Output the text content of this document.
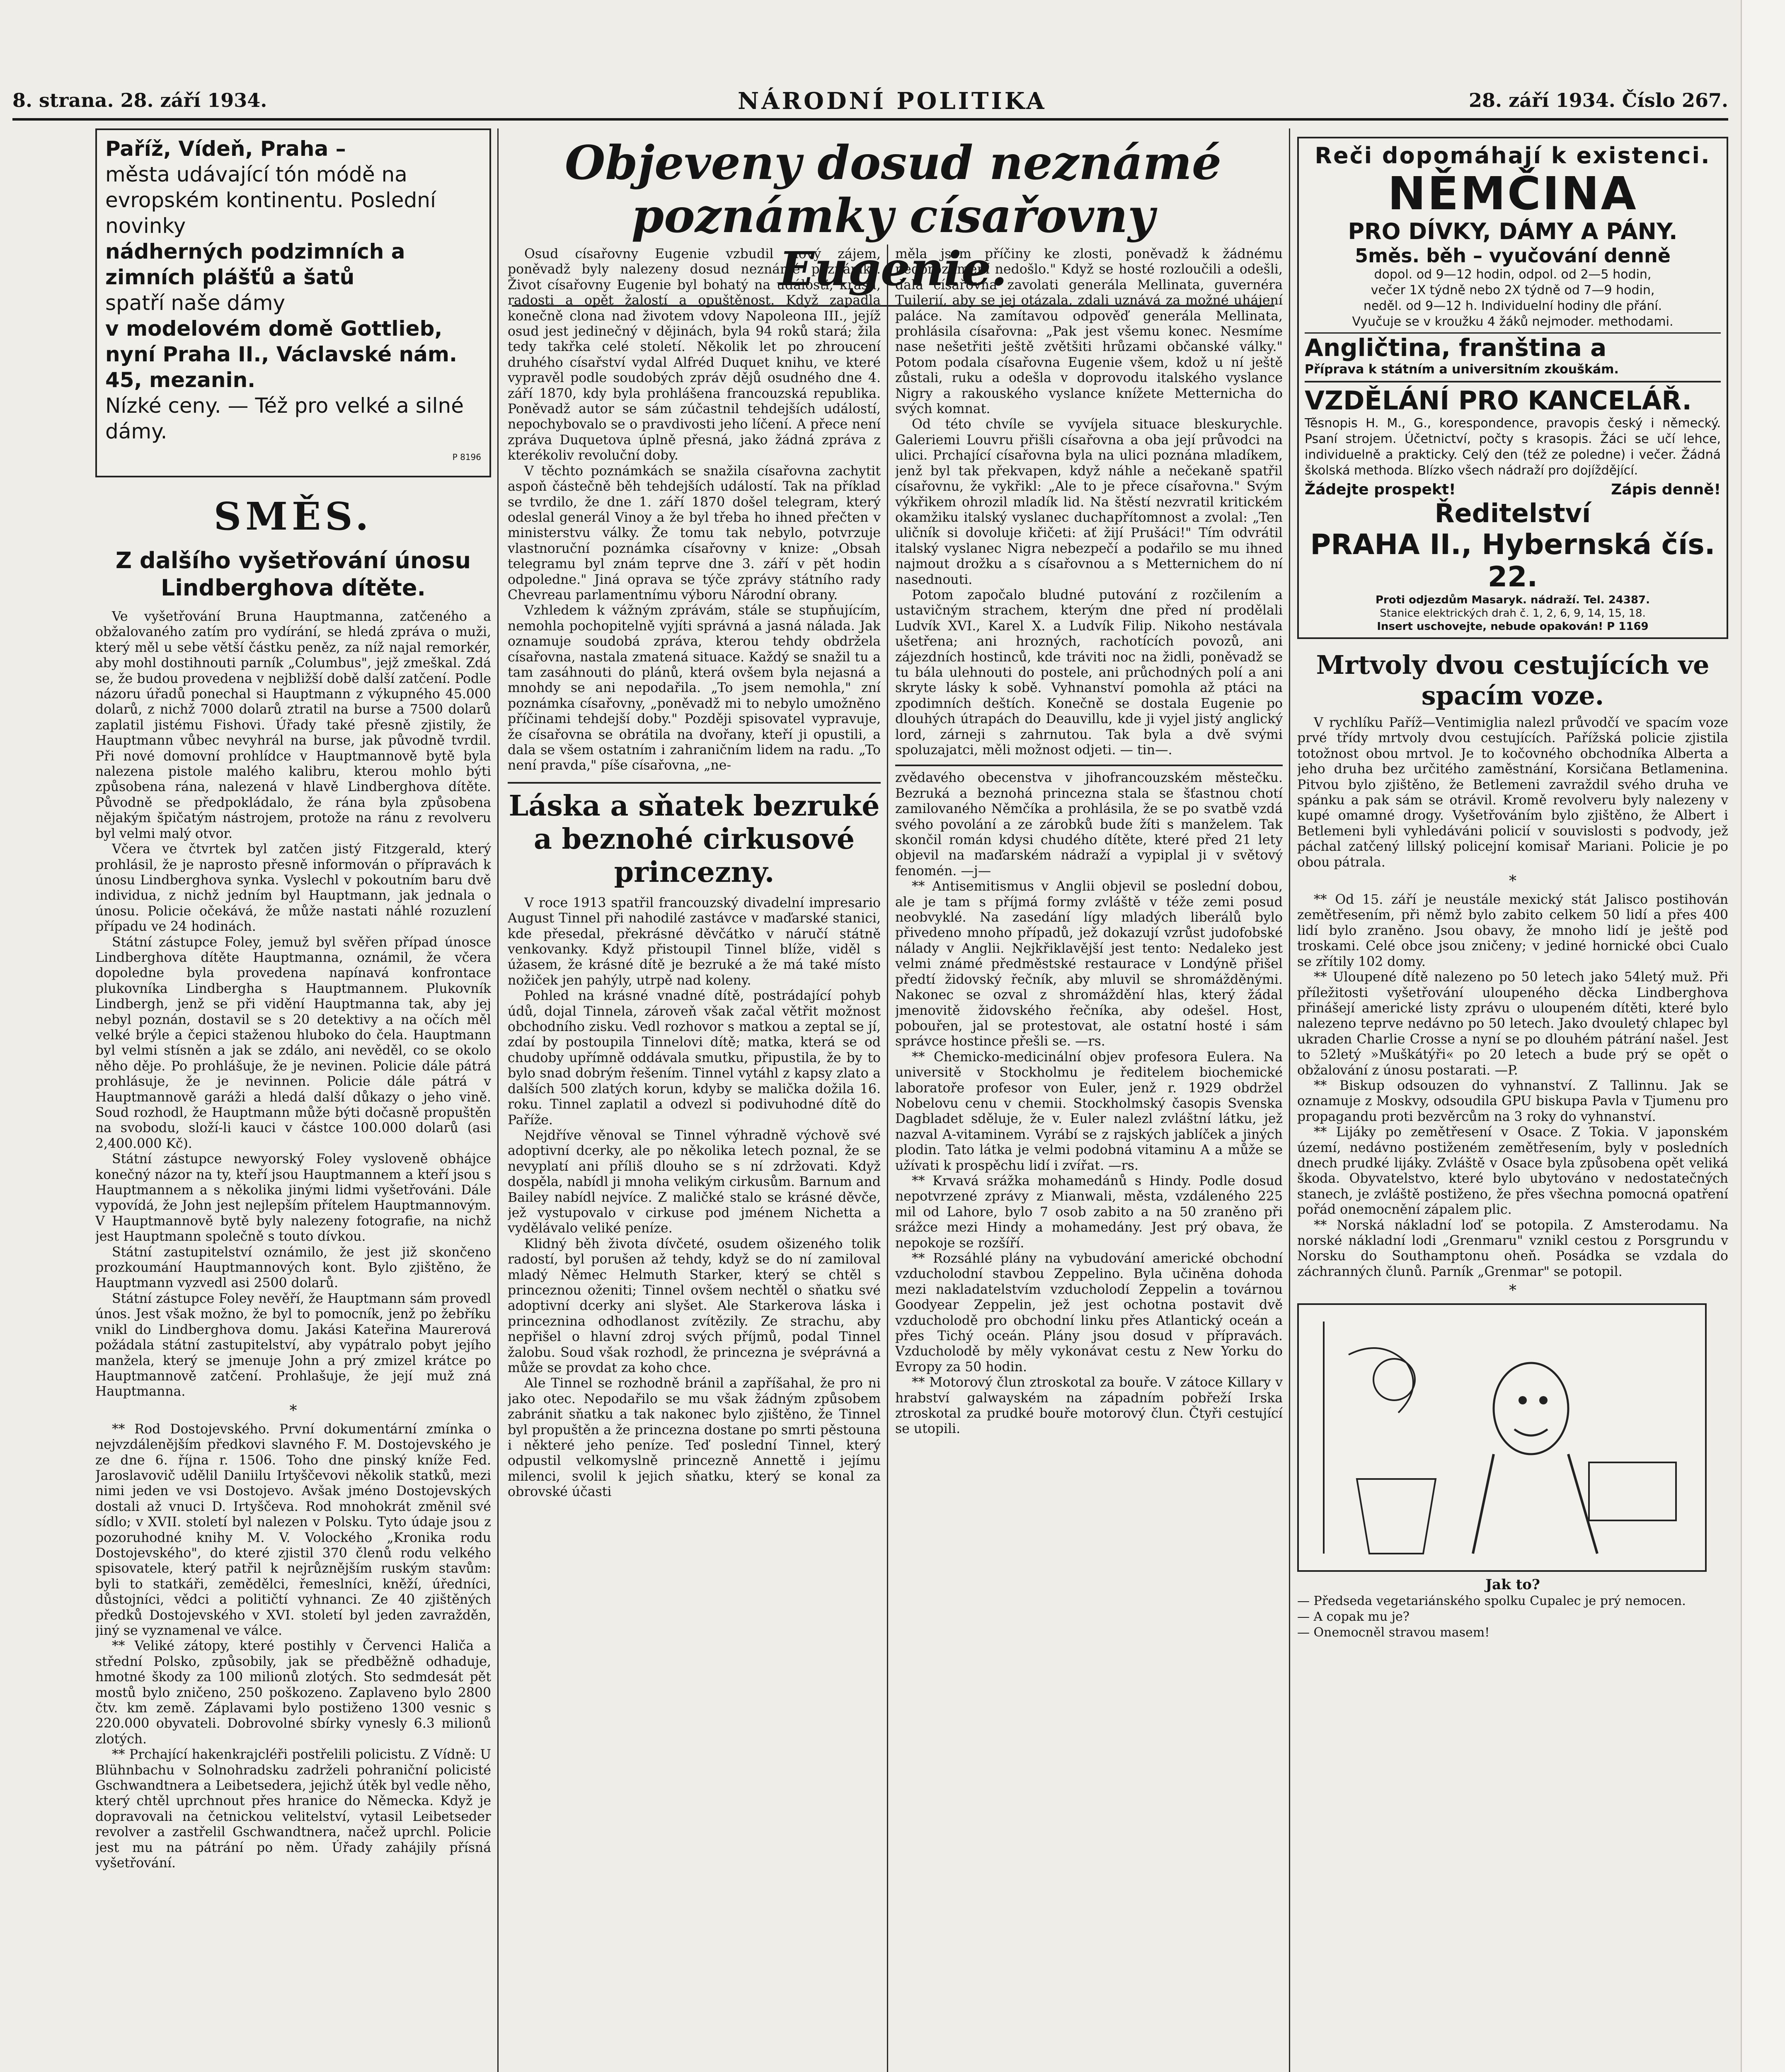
8. strana. 28. září 1934.	NÁRODNÍ POLITIKA	28. září 1934. Číslo 267.
Paříž, Vídeň, Praha –
města udávající tón módě na evropském kontinentu. Poslední novinky
nádherných podzimních a zimních plášťů a šatů
spatří naše dámy
v modelovém domě Gottlieb,
nyní Praha II., Václavské nám. 45, mezanin.
Nízké ceny. — Též pro velké a silné dámy.
P 8196
SMĚS.
Z dalšího vyšetřování únosu Lindberghova dítěte.

Ve vyšetřování Bruna Hauptmanna, zatčeného a obžalovaného zatím pro vydírání, se hledá zpráva o muži, který měl u sebe větší částku peněz, za níž najal remorkér, aby mohl dostihnouti parník „Columbus", jejž zmeškal. Zdá se, že budou provedena v nejbližší době další zatčení. Podle názoru úřadů ponechal si Hauptmann z výkupného 45.000 dolarů, z nichž 7000 dolarů ztratil na burse a 7500 dolarů zaplatil jistému Fishovi. Úřady také přesně zjistily, že Hauptmann vůbec nevyhrál na burse, jak původně tvrdil. Při nové domovní prohlídce v Hauptmannově bytě byla nalezena pistole malého kalibru, kterou mohlo býti způsobena rána, nalezená v hlavě Lindberghova dítěte. Původně se předpokládalo, že rána byla způsobena nějakým špičatým nástrojem, protože na ránu z revolveru byl velmi malý otvor.

Včera ve čtvrtek byl zatčen jistý Fitzgerald, který prohlásil, že je naprosto přesně informován o přípravách k únosu Lindberghova synka. Vyslechl v pokoutním baru dvě individua, z nichž jedním byl Hauptmann, jak jednala o únosu. Policie očekává, že může nastati náhlé rozuzlení případu ve 24 hodinách.

Státní zástupce Foley, jemuž byl svěřen případ únosce Lindberghova dítěte Hauptmanna, oznámil, že včera dopoledne byla provedena napínavá konfrontace plukovníka Lindbergha s Hauptmannem. Plukovník Lindbergh, jenž se při vidění Hauptmanna tak, aby jej nebyl poznán, dostavil se s 20 detektivy a na očích měl velké brýle a čepici staženou hluboko do čela. Hauptmann byl velmi stísněn a jak se zdálo, ani nevěděl, co se okolo něho děje. Po prohlášuje, že je nevinen. Policie dále pátrá prohlásuje, že je nevinnen. Policie dále pátrá v Hauptmannově garáži a hledá další důkazy o jeho vině. Soud rozhodl, že Hauptmann může býti dočasně propuštěn na svobodu, složí-li kauci v částce 100.000 dolarů (asi 2,400.000 Kč).

Státní zástupce newyorský Foley vysloveně obhájce konečný názor na ty, kteří jsou Hauptmannem a kteří jsou s Hauptmannem a s několika jinými lidmi vyšetřováni. Dále vypovídá, že John jest nejlepším přítelem Hauptmannovým. V Hauptmannově bytě byly nalezeny fotografie, na nichž jest Hauptmann společně s touto dívkou.

Státní zastupitelství oznámilo, že jest již skončeno prozkoumání Hauptmannových kont. Bylo zjištěno, že Hauptmann vyzvedl asi 2500 dolarů.

Státní zástupce Foley nevěří, že Hauptmann sám provedl únos. Jest však možno, že byl to pomocník, jenž po žebříku vnikl do Lindberghova domu. Jakási Kateřina Maurerová požádala státní zastupitelství, aby vypátralo pobyt jejího manžela, který se jmenuje John a prý zmizel krátce po Hauptmannově zatčení. Prohlašuje, že její muž zná Hauptmanna.

*

** Rod Dostojevského. První dokumentární zmínka o nejvzdálenějším předkovi slavného F. M. Dostojevského je ze dne 6. října r. 1506. Toho dne pinský kníže Fed. Jaroslavovič udělil Daniilu Irtyščevovi několik statků, mezi nimi jeden ve vsi Dostojevo. Avšak jméno Dostojevských dostali až vnuci D. Irtyščeva. Rod mnohokrát změnil své sídlo; v XVII. století byl nalezen v Polsku. Tyto údaje jsou z pozoruhodné knihy M. V. Volockého „Kronika rodu Dostojevského", do které zjistil 370 členů rodu velkého spisovatele, který patřil k nejrůznějším ruským stavům: byli to statkáři, zemědělci, řemeslníci, kněží, úředníci, důstojníci, vědci a političtí vyhnanci. Ze 40 zjištěných předků Dostojevského v XVI. století byl jeden zavražděn, jiný se vyznamenal ve válce.

** Veliké zátopy, které postihly v Červenci Haliča a střední Polsko, způsobily, jak se předběžně odhaduje, hmotné škody za 100 milionů zlotých. Sto sedmdesát pět mostů bylo zničeno, 250 poškozeno. Zaplaveno bylo 2800 čtv. km země. Záplavami bylo postiženo 1300 vesnic s 220.000 obyvateli. Dobrovolné sbírky vynesly 6.3 milionů zlotých.

** Prchající hakenkrajcléři postřelili policistu. Z Vídně: U Blühnbachu v Solnohradsku zadrželi pohraniční policisté Gschwandtnera a Leibetsedera, jejichž útěk byl vedle něho, který chtěl uprchnout přes hranice do Německa. Když je dopravovali na četnickou velitelství, vytasil Leibetseder revolver a zastřelil Gschwandtnera, načež uprchl. Policie jest mu na pátrání po něm. Úřady zahájily přísná vyšetřování.

Objeveny dosud neznámé
poznámky císařovny Eugenie.

Osud císařovny Eugenie vzbudil nový zájem, poněvadž byly nalezeny dosud neznámé poznámky. Život císařovny Eugenie byl bohatý na události, krásu, radosti a opět žalostí a opuštěnost. Když zapadla konečně clona nad životem vdovy Napoleona III., jejíž osud jest jedinečný v dějinách, byla 94 roků stará; žila tedy takřka celé století. Několik let po zhroucení druhého císařství vydal Alfréd Duquet knihu, ve které vypravěl podle soudobých zpráv dějů osudného dne 4. září 1870, kdy byla prohlášena francouzská republika. Poněvadž autor se sám zúčastnil tehdejších událostí, nepochybovalo se o pravdivosti jeho líčení. A přece není zpráva Duquetova úplně přesná, jako žádná zpráva z kterékoliv revoluční doby.

V těchto poznámkách se snažila císařovna zachytit aspoň částečně běh tehdejších událostí. Tak na příklad se tvrdilo, že dne 1. září 1870 došel telegram, který odeslal generál Vinoy a že byl třeba ho ihned přečten v ministerstvu války. Že tomu tak nebylo, potvrzuje vlastnoruční poznámka císařovny v knize: „Obsah telegramu byl znám teprve dne 3. září v pět hodin odpoledne." Jiná oprava se týče zprávy státního rady Chevreau parlamentnímu výboru Národní obrany.

Vzhledem k vážným zprávám, stále se stupňujícím, nemohla pochopitelně vyjíti správná a jasná nálada. Jak oznamuje soudobá zpráva, kterou tehdy obdržela císařovna, nastala zmatená situace. Každý se snažil tu a tam zasáhnouti do plánů, která ovšem byla nejasná a mnohdy se ani nepodařila. „To jsem nemohla," zní poznámka císařovny, „poněvadž mi to nebylo umožněno příčinami tehdejší doby." Později spisovatel vypravuje, že císařovna se obrátila na dvořany, kteří ji opustili, a dala se všem ostatním i zahraničním lidem na radu. „To není pravda," píše císařovna, „ne-

Láska a sňatek bezruké a beznohé cirkusové princezny.

V roce 1913 spatřil francouzský divadelní impresario August Tinnel při nahodilé zastávce v maďarské stanici, kde přesedal, překrásné děvčátko v náručí státně venkovanky. Když přistoupil Tinnel blíže, viděl s úžasem, že krásné dítě je bezruké a že má také místo nožiček jen pahýly, utrpě nad koleny.

Pohled na krásné vnadné dítě, postrádající pohyb údů, dojal Tinnela, zároveň však začal větřit možnost obchodního zisku. Vedl rozhovor s matkou a zeptal se jí, zdaí by postoupila Tinnelovi dítě; matka, která se od chudoby upřímně oddávala smutku, připustila, že by to bylo snad dobrým řešením. Tinnel vytáhl z kapsy zlato a dalších 500 zlatých korun, kdyby se malička dožila 16. roku. Tinnel zaplatil a odvezl si podivuhodné dítě do Paříže.

Nejdříve věnoval se Tinnel výhradně výchově své adoptivní dcerky, ale po několika letech poznal, že se nevyplatí ani příliš dlouho se s ní zdržovati. Když dospěla, nabídl ji mnoha velikým cirkusům. Barnum and Bailey nabídl nejvíce. Z maličké stalo se krásné děvče, jež vystupovalo v cirkuse pod jménem Nichetta a vydělávalo veliké peníze.

Klidný běh života dívčeté, osudem ošizeného tolik radostí, byl porušen až tehdy, když se do ní zamiloval mladý Němec Helmuth Starker, který se chtěl s princeznou oženiti; Tinnel ovšem nechtěl o sňatku své adoptivní dcerky ani slyšet. Ale Starkerova láska i princeznina odhodlanost zvítězily. Ze strachu, aby nepřišel o hlavní zdroj svých příjmů, podal Tinnel žalobu. Soud však rozhodl, že princezna je svéprávná a může se provdat za koho chce.

Ale Tinnel se rozhodně bránil a zapříšahal, že pro ni jako otec. Nepodařilo se mu však žádným způsobem zabránit sňatku a tak nakonec bylo zjištěno, že Tinnel byl propuštěn a že princezna dostane po smrti pěstouna i některé jeho peníze. Teď poslední Tinnel, který odpustil velkomyslně princezně Annettě i jejímu milenci, svolil k jejich sňatku, který se konal za obrovské účasti

měla jsem příčiny ke zlosti, poněvadž k žádnému nedorozumění nedošlo." Když se hosté rozloučili a odešli, dala císařovna zavolati generála Mellinata, guvernéra Tuilerií, aby se jej otázala, zdali uznává za možné uhájení paláce. Na zamítavou odpověď generála Mellinata, prohlásila císařovna: „Pak jest všemu konec. Nesmíme nase nešetřiti ještě zvětšiti hrůzami občanské války." Potom podala císařovna Eugenie všem, kdož u ní ještě zůstali, ruku a odešla v doprovodu italského vyslance Nigry a rakouského vyslance knížete Metternicha do svých komnat.

Od této chvíle se vyvíjela situace bleskurychle. Galeriemi Louvru přišli císařovna a oba její průvodci na ulici. Prchající císařovna byla na ulici poznána mladíkem, jenž byl tak překvapen, když náhle a nečekaně spatřil císařovnu, že vykřikl: „Ale to je přece císařovna." Svým výkřikem ohrozil mladík lid. Na štěstí nezvratil kritickém okamžiku italský vyslanec duchapřítomnost a zvolal: „Ten uličník si dovoluje křičeti: ať žijí Prušáci!" Tím odvrátil italský vyslanec Nigra nebezpečí a podařilo se mu ihned najmout drožku a s císařovnou a s Metternichem do ní nasednouti.

Potom započalo bludné putování z rozčilením a ustavičným strachem, kterým dne před ní prodělali Ludvík XVI., Karel X. a Ludvík Filip. Nikoho nestávala ušetřena; ani hrozných, rachotících povozů, ani zájezdních hostinců, kde tráviti noc na židli, poněvadž se tu bála ulehnouti do postele, ani průchodných polí a ani skryte lásky k sobě. Vyhnanství pomohla až ptáci na zpodimních deštích. Konečně se dostala Eugenie po dlouhých útrapách do Deauvillu, kde ji vyjel jistý anglický lord, zárneji s zahrnutou. Tak byla a dvě svými spoluzajatci, měli možnost odjeti. — tin—.

zvědavého obecenstva v jihofrancouzském městečku. Bezruká a beznohá princezna stala se šťastnou chotí zamilovaného Němčíka a prohlásila, že se po svatbě vzdá svého povolání a ze zárobků bude žíti s manželem. Tak skončil román kdysi chudého dítěte, které před 21 lety objevil na maďarském nádraží a vypiplal ji v světový fenomén. —j—

** Antisemitismus v Anglii objevil se poslední dobou, ale je tam s příjmá formy zvláště v téže zemi posud neobvyklé. Na zasedání lígy mladých liberálů bylo přivedeno mnoho případů, jež dokazují vzrůst judofobské nálady v Anglii. Nejkřiklavější jest tento: Nedaleko jest velmi známé předměstské restaurace v Londýně přišel předtí židovský řečník, aby mluvil se shromážděnými. Nakonec se ozval z shromáždění hlas, který žádal jmenovitě židovského řečníka, aby odešel. Host, pobouřen, jal se protestovat, ale ostatní hosté i sám správce hostince přešli se. —rs.

** Chemicko-medicinální objev profesora Eulera. Na universitě v Stockholmu je ředitelem biochemické laboratoře profesor von Euler, jenž r. 1929 obdržel Nobelovu cenu v chemii. Stockholmský časopis Svenska Dagbladet sděluje, že v. Euler nalezl zvláštní látku, jež nazval A-vitaminem. Vyrábí se z rajských jablíček a jiných plodin. Tato látka je velmi podobná vitaminu A a může se užívati k prospěchu lidí i zvířat. —rs.

** Krvavá srážka mohamedánů s Hindy. Podle dosud nepotvrzené zprávy z Mianwali, města, vzdáleného 225 mil od Lahore, bylo 7 osob zabito a na 50 zraněno při srážce mezi Hindy a mohamedány. Jest prý obava, že nepokoje se rozšíří.

** Rozsáhlé plány na vybudování americké obchodní vzducholodní stavbou Zeppelino. Byla učiněna dohoda mezi nakladatelstvím vzducholodí Zeppelin a továrnou Goodyear Zeppelin, jež jest ochotna postavit dvě vzducholodě pro obchodní linku přes Atlantický oceán a přes Tichý oceán. Plány jsou dosud v přípravách. Vzducholodě by měly vykonávat cestu z New Yorku do Evropy za 50 hodin.

** Motorový člun ztroskotal za bouře. V zátoce Killary v hrabství galwayském na západním pobřeží Irska ztroskotal za prudké bouře motorový člun. Čtyři cestující se utopili.

Reči dopomáhají k existenci.
NĚMČINA
PRO DÍVKY, DÁMY A PÁNY.
5měs. běh – vyučování denně
dopol. od 9—12 hodin, odpol. od 2—5 hodin,
večer 1X týdně nebo 2X týdně od 7—9 hodin,
neděl. od 9—12 h. Individuelní hodiny dle přání.
Vyučuje se v kroužku 4 žáků nejmoder. methodami.
Angličtina, franština a
Příprava k státním a universitním zkouškám.
VZDĚLÁNÍ PRO KANCELÁŘ.
Těsnopis H. M., G., korespondence, pravopis český i německý. Psaní strojem. Účetnictví, počty s krasopis. Žáci se učí lehce, individuelně a prakticky. Celý den (též ze poledne) i večer. Žádná školská methoda. Blízko všech nádraží pro dojíždějící.
Žádejte prospekt!	Zápis denně!
Ředitelství
PRAHA II., Hybernská čís. 22.
Proti odjezdům Masaryk. nádraží. Tel. 24387.
Stanice elektrických drah č. 1, 2, 6, 9, 14, 15, 18.
Insert uschovejte, nebude opakován! P 1169
Mrtvoly dvou cestujících ve spacím voze.

V rychlíku Paříž—Ventimiglia nalezl průvodčí ve spacím voze prvé třídy mrtvoly dvou cestujících. Pařížská policie zjistila totožnost obou mrtvol. Je to kočovného obchodníka Alberta a jeho druha bez určitého zaměstnání, Korsičana Betlamenina. Pitvou bylo zjištěno, že Betlemeni zavraždil svého druha ve spánku a pak sám se otrávil. Kromě revolveru byly nalezeny v kupé omamné drogy. Vyšetřováním bylo zjištěno, že Albert i Betlemeni byli vyhledáváni policií v souvislosti s podvody, jež páchal zatčený lillský policejní komisař Mariani. Policie je po obou pátrala.

*

** Od 15. září je neustále mexický stát Jalisco postihován zemětřesením, při němž bylo zabito celkem 50 lidí a přes 400 lidí bylo zraněno. Jsou obavy, že mnoho lidí je ještě pod troskami. Celé obce jsou zničeny; v jediné hornické obci Cualo se zřítily 102 domy.

** Uloupené dítě nalezeno po 50 letech jako 54letý muž. Při příležitosti vyšetřování uloupeného děcka Lindberghova přinášejí americké listy zprávu o uloupeném dítěti, které bylo nalezeno teprve nedávno po 50 letech. Jako dvouletý chlapec byl ukraden Charlie Crosse a nyní se po dlouhém pátrání našel. Jest to 52letý »Muškátýři« po 20 letech a bude prý se opět o obžalování z únosu postarati. —P.

** Biskup odsouzen do vyhnanství. Z Tallinnu. Jak se oznamuje z Moskvy, odsoudila GPU biskupa Pavla v Tjumenu pro propagandu proti bezvěrcům na 3 roky do vyhnanství.

** Lijáky po zemětřesení v Osace. Z Tokia. V japonském území, nedávno postiženém zemětřesením, byly v posledních dnech prudké lijáky. Zvláště v Osace byla způsobena opět veliká škoda. Obyvatelstvo, které bylo ubytováno v nedostatečných stanech, je zvláště postiženo, že přes všechna pomocná opatření pořád onemocnění zápalem plic.

** Norská nákladní loď se potopila. Z Amsterodamu. Na norské nákladní lodi „Grenmaru" vznikl cestou z Porsgrundu v Norsku do Southamptonu oheň. Posádka se vzdala do záchranných člunů. Parník „Grenmar" se potopil.

*
Jak to?
— Předseda vegetariánského spolku Cupalec je prý nemocen.
— A copak mu je?
— Onemocněl stravou masem!
